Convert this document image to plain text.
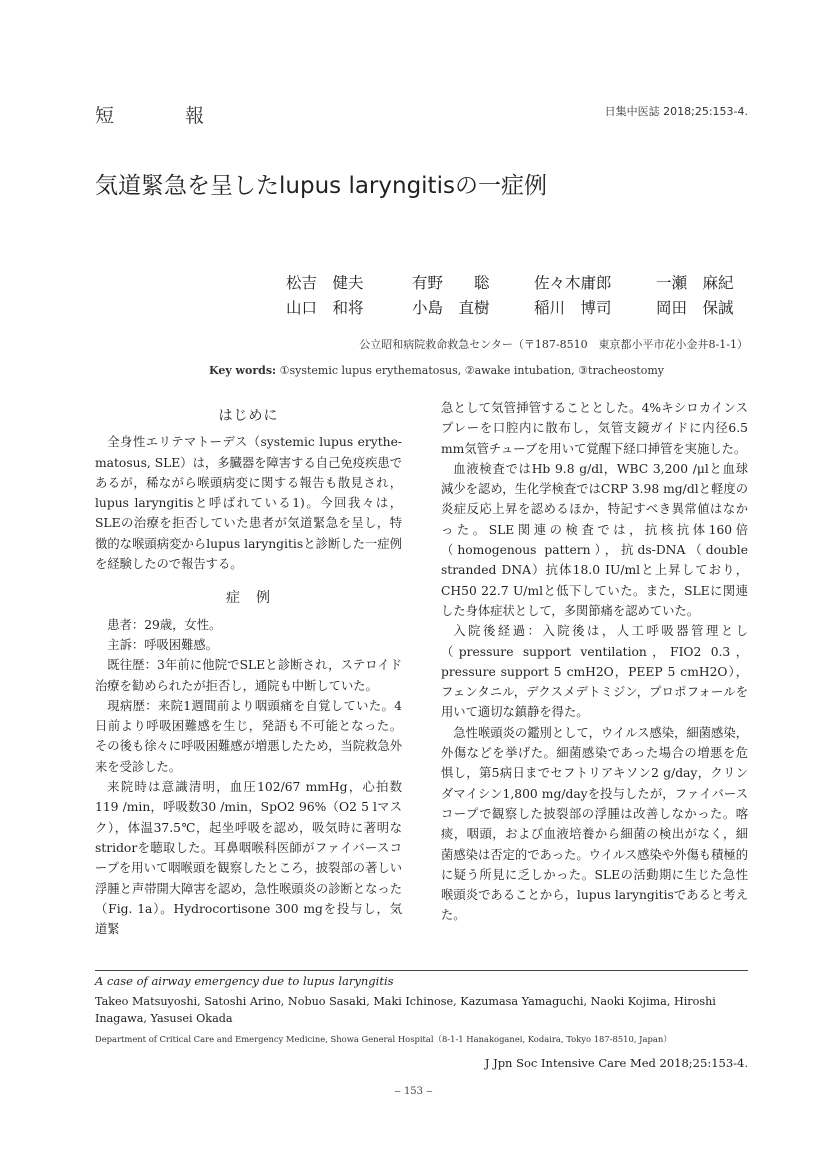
短　報	日集中医誌 2018;25:153-4.
気道緊急を呈したlupus laryngitisの一症例
松吉　健夫	有野　　聡	佐々木庸郎	一瀬　麻紀
山口　和将	小島　直樹	稲川　博司	岡田　保誠
公立昭和病院救命救急センター（〒187-8510　東京都小平市花小金井8-1-1）
Key words: ①systemic lupus erythematosus, ②awake intubation, ③tracheostomy
はじめに

全身性エリテマトーデス（systemic lupus erythe-matosus, SLE）は，多臓器を障害する自己免疫疾患であるが，稀ながら喉頭病変に関する報告も散見され，lupus laryngitisと呼ばれている1)。今回我々は，SLEの治療を拒否していた患者が気道緊急を呈し，特徴的な喉頭病変からlupus laryngitisと診断した一症例を経験したので報告する。

症　例

患者：29歳，女性。

主訴：呼吸困難感。

既往歴：3年前に他院でSLEと診断され，ステロイド治療を勧められたが拒否し，通院も中断していた。

現病歴：来院1週間前より咽頭痛を自覚していた。4日前より呼吸困難感を生じ，発語も不可能となった。その後も徐々に呼吸困難感が増悪したため，当院救急外来を受診した。

来院時は意識清明，血圧102/67 mmHg，心拍数119 /min，呼吸数30 /min，SpO2 96%（O2 5 lマスク），体温37.5℃，起坐呼吸を認め，吸気時に著明なstridorを聴取した。耳鼻咽喉科医師がファイバースコープを用いて咽喉頭を観察したところ，披裂部の著しい浮腫と声帯開大障害を認め，急性喉頭炎の診断となった（Fig. 1a）。Hydrocortisone 300 mgを投与し，気道緊

急として気管挿管することとした。4%キシロカインスプレーを口腔内に散布し，気管支鏡ガイドに内径6.5 mm気管チューブを用いて覚醒下経口挿管を実施した。

血液検査ではHb 9.8 g/dl，WBC 3,200 /μlと血球減少を認め，生化学検査ではCRP 3.98 mg/dlと軽度の炎症反応上昇を認めるほか，特記すべき異常値はなかった。SLE関連の検査では，抗核抗体160倍（homogenous pattern），抗ds-DNA（double stranded DNA）抗体18.0 IU/mlと上昇しており，CH50 22.7 U/mlと低下していた。また，SLEに関連した身体症状として，多関節痛を認めていた。

入院後経過：入院後は，人工呼吸器管理とし（pressure support ventilation，FIO2 0.3，pressure support 5 cmH2O，PEEP 5 cmH2O），フェンタニル，デクスメデトミジン，プロポフォールを用いて適切な鎮静を得た。

急性喉頭炎の鑑別として，ウイルス感染，細菌感染，外傷などを挙げた。細菌感染であった場合の増悪を危惧し，第5病日までセフトリアキソン2 g/day，クリンダマイシン1,800 mg/dayを投与したが，ファイバースコープで観察した披裂部の浮腫は改善しなかった。喀痰，咽頭，および血液培養から細菌の検出がなく，細菌感染は否定的であった。ウイルス感染や外傷も積極的に疑う所見に乏しかった。SLEの活動期に生じた急性喉頭炎であることから，lupus laryngitisであると考えた。

A case of airway emergency due to lupus laryngitis
Takeo Matsuyoshi, Satoshi Arino, Nobuo Sasaki, Maki Ichinose, Kazumasa Yamaguchi, Naoki Kojima, Hiroshi Inagawa, Yasusei Okada
Department of Critical Care and Emergency Medicine, Showa General Hospital（8-1-1 Hanakoganei, Kodaira, Tokyo 187-8510, Japan）
J Jpn Soc Intensive Care Med 2018;25:153-4.
‒ 153 ‒
